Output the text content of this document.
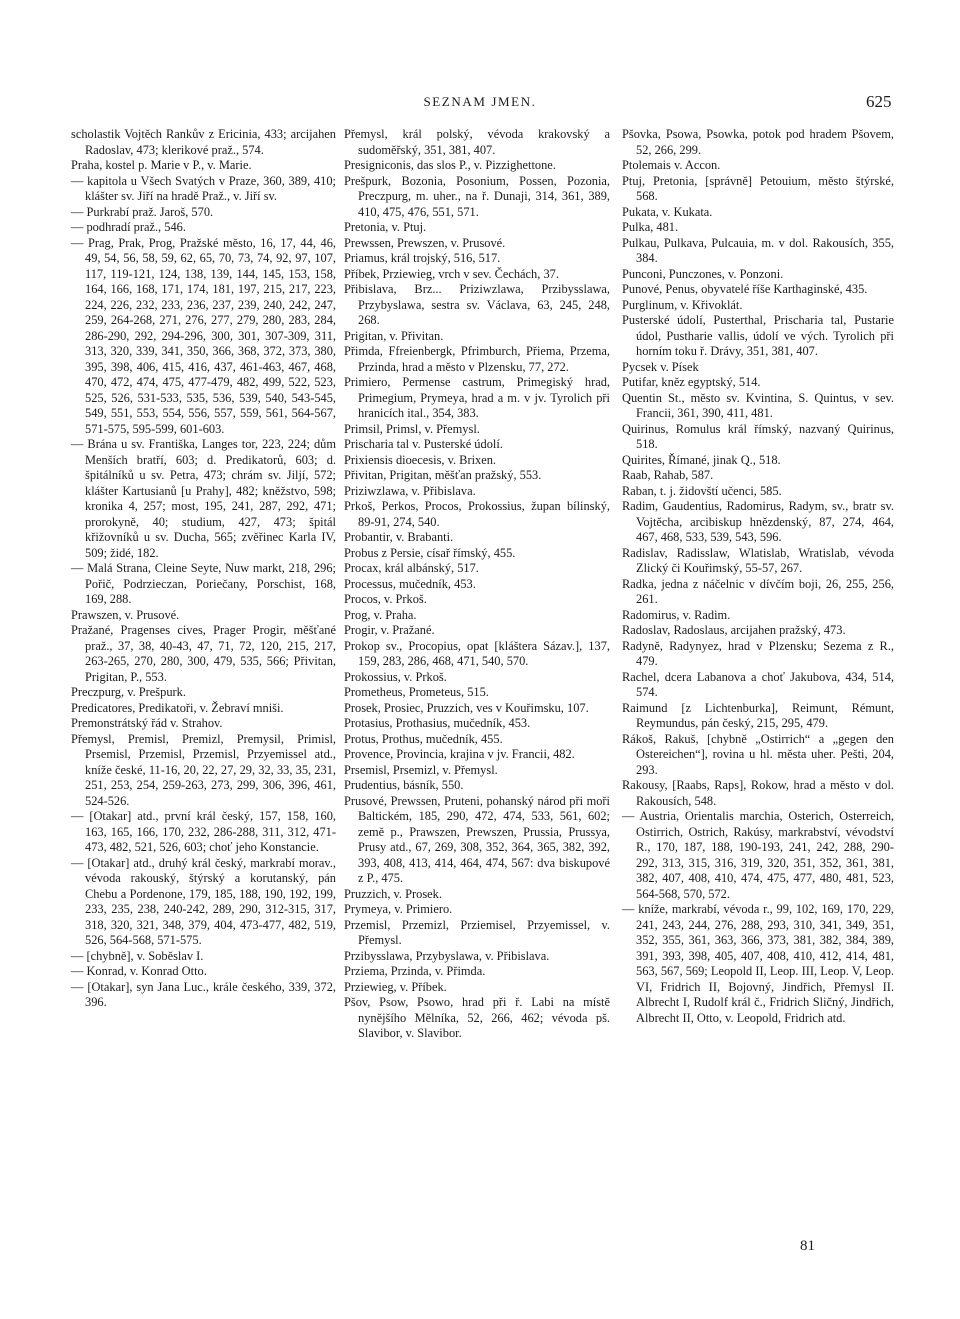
SEZNAM JMEN.	625

scholastik Vojtěch Rankův z Ericinia, 433; arcijahen Radoslav, 473; klerikové praž., 574.

Praha, kostel p. Marie v P., v. Marie.

— kapitola u Všech Svatých v Praze, 360, 389, 410; klášter sv. Jiří na hradě Praž., v. Jiří sv.

— Purkrabí praž. Jaroš, 570.

— podhradí praž., 546.

— Prag, Prak, Prog, Pražské město, 16, 17, 44, 46, 49, 54, 56, 58, 59, 62, 65, 70, 73, 74, 92, 97, 107, 117, 119-121, 124, 138, 139, 144, 145, 153, 158, 164, 166, 168, 171, 174, 181, 197, 215, 217, 223, 224, 226, 232, 233, 236, 237, 239, 240, 242, 247, 259, 264-268, 271, 276, 277, 279, 280, 283, 284, 286-290, 292, 294-296, 300, 301, 307-309, 311, 313, 320, 339, 341, 350, 366, 368, 372, 373, 380, 395, 398, 406, 415, 416, 437, 461-463, 467, 468, 470, 472, 474, 475, 477-479, 482, 499, 522, 523, 525, 526, 531-533, 535, 536, 539, 540, 543-545, 549, 551, 553, 554, 556, 557, 559, 561, 564-567, 571-575, 595-599, 601-603.

— Brána u sv. Františka, Langes tor, 223, 224; dům Menších bratří, 603; d. Predikatorů, 603; d. špitálníků u sv. Petra, 473; chrám sv. Jiljí, 572; klášter Kartusianů [u Prahy], 482; kněžstvo, 598; kronika 4, 257; most, 195, 241, 287, 292, 471; prorokyně, 40; studium, 427, 473; špitál křižovníků u sv. Ducha, 565; zvěřinec Karla IV, 509; židé, 182.

— Malá Strana, Cleine Seyte, Nuw markt, 218, 296; Pořič, Podrzieczan, Poriečany, Porschist, 168, 169, 288.

Prawszen, v. Prusové.

Pražané, Pragenses cives, Prager Progir, měšťané praž., 37, 38, 40-43, 47, 71, 72, 120, 215, 217, 263-265, 270, 280, 300, 479, 535, 566; Přivitan, Prigitan, P., 553.

Preczpurg, v. Prešpurk.

Predicatores, Predikatoři, v. Žebraví mniši.

Premonstrátský řád v. Strahov.

Přemysl, Premisl, Premizl, Premysil, Primisl, Prsemisl, Przemisl, Przemisl, Przyemissel atd., kníže české, 11-16, 20, 22, 27, 29, 32, 33, 35, 231, 251, 253, 254, 259-263, 273, 299, 306, 396, 461, 524-526.

— [Otakar] atd., první král český, 157, 158, 160, 163, 165, 166, 170, 232, 286-288, 311, 312, 471-473, 482, 521, 526, 603; choť jeho Konstancie.

— [Otakar] atd., druhý král český, markrabí morav., vévoda rakouský, štýrský a korutanský, pán Chebu a Pordenone, 179, 185, 188, 190, 192, 199, 233, 235, 238, 240-242, 289, 290, 312-315, 317, 318, 320, 321, 348, 379, 404, 473-477, 482, 519, 526, 564-568, 571-575.

— [chybně], v. Soběslav I.

— Konrad, v. Konrad Otto.

— [Otakar], syn Jana Luc., krále českého, 339, 372, 396.

Přemysl, král polský, vévoda krakovský a sudoměřský, 351, 381, 407.

Presigniconis, das slos P., v. Pizzighettone.

Prešpurk, Bozonia, Posonium, Possen, Pozonia, Preczpurg, m. uher., na ř. Dunaji, 314, 361, 389, 410, 475, 476, 551, 571.

Pretonia, v. Ptuj.

Prewssen, Prewszen, v. Prusové.

Priamus, král trojský, 516, 517.

Příbek, Prziewieg, vrch v sev. Čechách, 37.

Přibislava, Brz... Priziwzlawa, Przibysslawa, Przybyslawa, sestra sv. Václava, 63, 245, 248, 268.

Prigitan, v. Přivitan.

Přimda, Ffreienbergk, Pfrimburch, Přiema, Przema, Przinda, hrad a město v Plzensku, 77, 272.

Primiero, Permense castrum, Primegiský hrad, Primegium, Prymeya, hrad a m. v jv. Tyrolich při hranicích ital., 354, 383.

Primsil, Primsl, v. Přemysl.

Prischaria tal v. Pusterské údolí.

Prixiensis dioecesis, v. Brixen.

Přivitan, Prigitan, měšťan pražský, 553.

Priziwzlawa, v. Přibislava.

Prkoš, Perkos, Procos, Prokossius, župan bílinský, 89-91, 274, 540.

Probantir, v. Brabanti.

Probus z Persie, císař římský, 455.

Procax, král albánský, 517.

Processus, mučedník, 453.

Procos, v. Prkoš.

Prog, v. Praha.

Progir, v. Pražané.

Prokop sv., Procopius, opat [kláštera Sázav.], 137, 159, 283, 286, 468, 471, 540, 570.

Prokossius, v. Prkoš.

Prometheus, Prometeus, 515.

Prosek, Prosiec, Pruzzich, ves v Kouřimsku, 107.

Protasius, Prothasius, mučedník, 453.

Protus, Prothus, mučedník, 455.

Provence, Provincia, krajina v jv. Francii, 482.

Prsemisl, Prsemizl, v. Přemysl.

Prudentius, básník, 550.

Prusové, Prewssen, Pruteni, pohanský národ při moři Baltickém, 185, 290, 472, 474, 533, 561, 602; země p., Prawszen, Prewszen, Prussia, Prussya, Prusy atd., 67, 269, 308, 352, 364, 365, 382, 392, 393, 408, 413, 414, 464, 474, 567: dva biskupové z P., 475.

Pruzzich, v. Prosek.

Prymeya, v. Primiero.

Przemisl, Przemizl, Prziemisel, Przyemissel, v. Přemysl.

Przibysslawa, Przybyslawa, v. Přibislava.

Prziema, Przinda, v. Přimda.

Prziewieg, v. Příbek.

Pšov, Psow, Psowo, hrad při ř. Labi na místě nynějšího Mělníka, 52, 266, 462; vévoda pš. Slavibor, v. Slavibor.

Pšovka, Psowa, Psowka, potok pod hradem Pšovem, 52, 266, 299.

Ptolemais v. Accon.

Ptuj, Pretonia, [správně] Petouium, město štýrské, 568.

Pukata, v. Kukata.

Pulka, 481.

Pulkau, Pulkava, Pulcauia, m. v dol. Rakousích, 355, 384.

Punconi, Punczones, v. Ponzoni.

Punové, Penus, obyvatelé říše Karthaginské, 435.

Purglinum, v. Křivoklát.

Pusterské údolí, Pusterthal, Prischaria tal, Pustarie údol, Pustharie vallis, údolí ve vých. Tyrolich při horním toku ř. Drávy, 351, 381, 407.

Pycsek v. Písek

Putifar, kněz egyptský, 514.

Quentin St., město sv. Kvintina, S. Quintus, v sev. Francii, 361, 390, 411, 481.

Quirinus, Romulus král římský, nazvaný Quirinus, 518.

Quirites, Římané, jinak Q., 518.

Raab, Rahab, 587.

Raban, t. j. židovští učenci, 585.

Radim, Gaudentius, Radomirus, Radym, sv., bratr sv. Vojtěcha, arcibiskup hnězdenský, 87, 274, 464, 467, 468, 533, 539, 543, 596.

Radislav, Radisslaw, Wlatislab, Wratislab, vévoda Zlický či Kouřimský, 55-57, 267.

Radka, jedna z náčelnic v dívčím boji, 26, 255, 256, 261.

Radomirus, v. Radim.

Radoslav, Radoslaus, arcijahen pražský, 473.

Radyně, Radynyez, hrad v Plzensku; Sezema z R., 479.

Rachel, dcera Labanova a choť Jakubova, 434, 514, 574.

Raimund [z Lichtenburka], Reimunt, Rémunt, Reymundus, pán český, 215, 295, 479.

Rákoš, Rakuš, [chybně „Ostirrich“ a „gegen den Ostereichen“], rovina u hl. města uher. Pešti, 204, 293.

Rakousy, [Raabs, Raps], Rokow, hrad a město v dol. Rakousích, 548.

— Austria, Orientalis marchia, Osterich, Osterreich, Ostirrich, Ostrich, Rakúsy, markrabství, vévodství R., 170, 187, 188, 190-193, 241, 242, 288, 290-292, 313, 315, 316, 319, 320, 351, 352, 361, 381, 382, 407, 408, 410, 474, 475, 477, 480, 481, 523, 564-568, 570, 572.

— kníže, markrabí, vévoda r., 99, 102, 169, 170, 229, 241, 243, 244, 276, 288, 293, 310, 341, 349, 351, 352, 355, 361, 363, 366, 373, 381, 382, 384, 389, 391, 393, 398, 405, 407, 408, 410, 412, 414, 481, 563, 567, 569; Leopold II, Leop. III, Leop. V, Leop. VI, Fridrich II, Bojovný, Jindřich, Přemysl II. Albrecht I, Rudolf král č., Fridrich Sličný, Jindřich, Albrecht II, Otto, v. Leopold, Fridrich atd.

81
